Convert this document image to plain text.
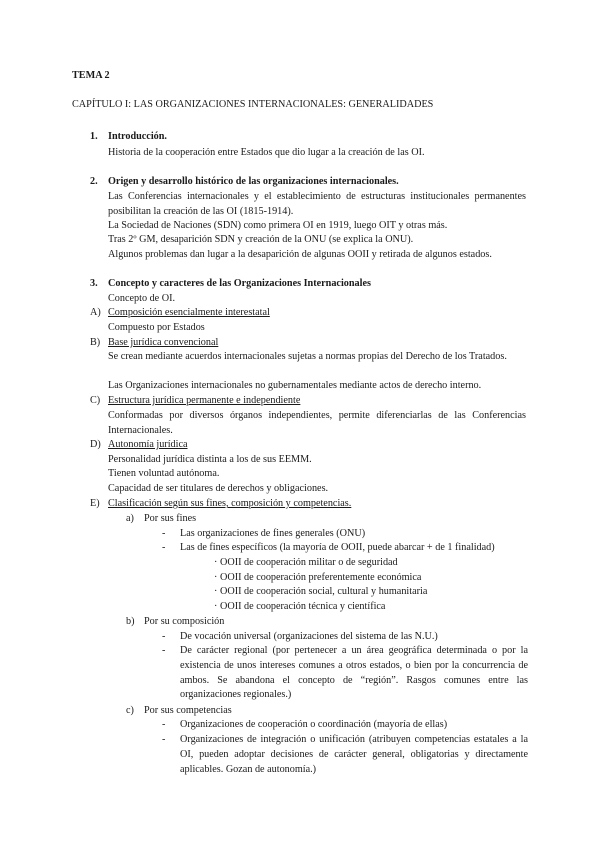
TEMA 2
CAPÍTULO I: LAS ORGANIZACIONES INTERNACIONALES: GENERALIDADES
1. Introducción.
Historia de la cooperación entre Estados que dio lugar a la creación de las OI.
2. Origen y desarrollo histórico de las organizaciones internacionales.
Las Conferencias internacionales y el establecimiento de estructuras institucionales permanentes posibilitan la creación de las OI (1815-1914).
La Sociedad de Naciones (SDN) como primera OI en 1919, luego OIT y otras más.
Tras 2º GM, desaparición SDN y creación de la ONU (se explica la ONU).
Algunos problemas dan lugar a la desaparición de algunas OOII y retirada de algunos estados.
3. Concepto y caracteres de las Organizaciones Internacionales
Concepto de OI.
A) Composición esencialmente interestatal
Compuesto por Estados
B) Base jurídica convencional
Se crean mediante acuerdos internacionales sujetas a normas propias del Derecho de los Tratados.
Las Organizaciones internacionales no gubernamentales mediante actos de derecho interno.
C) Estructura jurídica permanente e independiente
Conformadas por diversos órganos independientes, permite diferenciarlas de las Conferencias Internacionales.
D) Autonomía jurídica
Personalidad jurídica distinta a los de sus EEMM.
Tienen voluntad autónoma.
Capacidad de ser titulares de derechos y obligaciones.
E) Clasificación según sus fines, composición y competencias.
a) Por sus fines
- Las organizaciones de fines generales (ONU)
- Las de fines específicos (la mayoría de OOII, puede abarcar + de 1 finalidad)
· OOII de cooperación militar o de seguridad
· OOII de cooperación preferentemente económica
· OOII de cooperación social, cultural y humanitaria
· OOII de cooperación técnica y científica
b) Por su composición
- De vocación universal (organizaciones del sistema de las N.U.)
- De carácter regional (por pertenecer a un área geográfica determinada o por la existencia de unos intereses comunes a otros estados, o bien por la concurrencia de ambos. Se abandona el concepto de “región”. Rasgos comunes entre las organizaciones regionales.)
c) Por sus competencias
- Organizaciones de cooperación o coordinación (mayoría de ellas)
- Organizaciones de integración o unificación (atribuyen competencias estatales a la OI, pueden adoptar decisiones de carácter general, obligatorias y directamente aplicables. Gozan de autonomía.)
